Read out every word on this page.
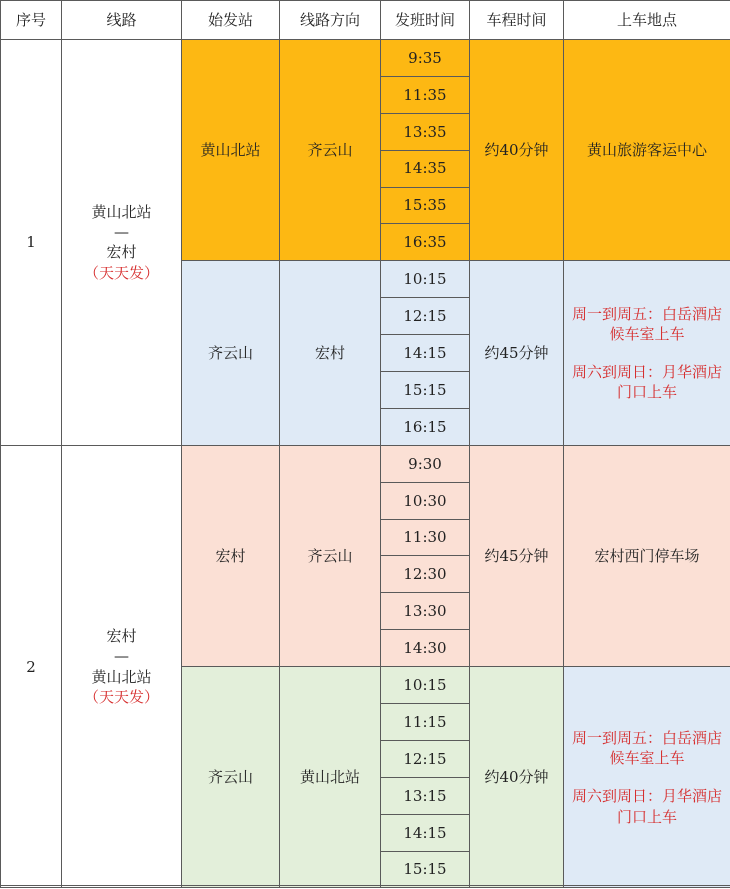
序号	线路	始发站	线路方向	发班时间	车程时间	上车地点
1	黄山北站
—
宏村
（天天发）	黄山北站	齐云山	9:35	约40分钟	黄山旅游客运中心
				11:35		
				13:35		
				14:35		
				15:35		
				16:35		
		齐云山	宏村	10:15	约45分钟	周一到周五：白岳酒店

候车室上车

周六到周日：月华酒店

门口上车

				12:15		
				14:15		
				15:15		
				16:15		
2	宏村
—
黄山北站
（天天发）	宏村	齐云山	9:30	约45分钟	宏村西门停车场
				10:30		
				11:30		
				12:30		
				13:30		
				14:30		
		齐云山	黄山北站	10:15	约40分钟	周一到周五：白岳酒店

候车室上车

周六到周日：月华酒店

门口上车

				11:15		
				12:15		
				13:15		
				14:15		
				15:15		
